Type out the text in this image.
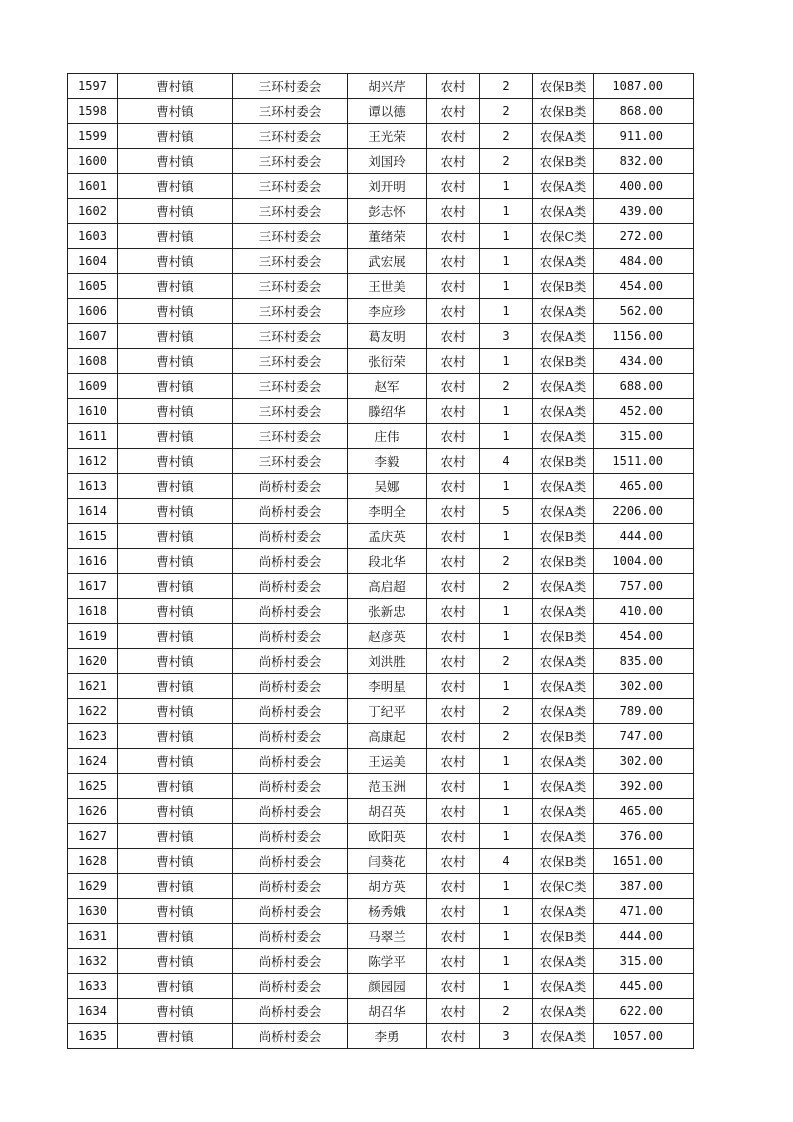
1597	曹村镇	三环村委会	胡兴芹	农村	2	农保B类	1087.00
1598	曹村镇	三环村委会	谭以德	农村	2	农保B类	868.00
1599	曹村镇	三环村委会	王光荣	农村	2	农保A类	911.00
1600	曹村镇	三环村委会	刘国玲	农村	2	农保B类	832.00
1601	曹村镇	三环村委会	刘开明	农村	1	农保A类	400.00
1602	曹村镇	三环村委会	彭志怀	农村	1	农保A类	439.00
1603	曹村镇	三环村委会	董绪荣	农村	1	农保C类	272.00
1604	曹村镇	三环村委会	武宏展	农村	1	农保A类	484.00
1605	曹村镇	三环村委会	王世美	农村	1	农保B类	454.00
1606	曹村镇	三环村委会	李应珍	农村	1	农保A类	562.00
1607	曹村镇	三环村委会	葛友明	农村	3	农保A类	1156.00
1608	曹村镇	三环村委会	张衍荣	农村	1	农保B类	434.00
1609	曹村镇	三环村委会	赵军	农村	2	农保A类	688.00
1610	曹村镇	三环村委会	滕绍华	农村	1	农保A类	452.00
1611	曹村镇	三环村委会	庄伟	农村	1	农保A类	315.00
1612	曹村镇	三环村委会	李毅	农村	4	农保B类	1511.00
1613	曹村镇	尚桥村委会	吴娜	农村	1	农保A类	465.00
1614	曹村镇	尚桥村委会	李明全	农村	5	农保A类	2206.00
1615	曹村镇	尚桥村委会	孟庆英	农村	1	农保B类	444.00
1616	曹村镇	尚桥村委会	段北华	农村	2	农保B类	1004.00
1617	曹村镇	尚桥村委会	高启超	农村	2	农保A类	757.00
1618	曹村镇	尚桥村委会	张新忠	农村	1	农保A类	410.00
1619	曹村镇	尚桥村委会	赵彦英	农村	1	农保B类	454.00
1620	曹村镇	尚桥村委会	刘洪胜	农村	2	农保A类	835.00
1621	曹村镇	尚桥村委会	李明星	农村	1	农保A类	302.00
1622	曹村镇	尚桥村委会	丁纪平	农村	2	农保A类	789.00
1623	曹村镇	尚桥村委会	高康起	农村	2	农保B类	747.00
1624	曹村镇	尚桥村委会	王运美	农村	1	农保A类	302.00
1625	曹村镇	尚桥村委会	范玉洲	农村	1	农保A类	392.00
1626	曹村镇	尚桥村委会	胡召英	农村	1	农保A类	465.00
1627	曹村镇	尚桥村委会	欧阳英	农村	1	农保A类	376.00
1628	曹村镇	尚桥村委会	闫葵花	农村	4	农保B类	1651.00
1629	曹村镇	尚桥村委会	胡方英	农村	1	农保C类	387.00
1630	曹村镇	尚桥村委会	杨秀娥	农村	1	农保A类	471.00
1631	曹村镇	尚桥村委会	马翠兰	农村	1	农保B类	444.00
1632	曹村镇	尚桥村委会	陈学平	农村	1	农保A类	315.00
1633	曹村镇	尚桥村委会	颜园园	农村	1	农保A类	445.00
1634	曹村镇	尚桥村委会	胡召华	农村	2	农保A类	622.00
1635	曹村镇	尚桥村委会	李勇	农村	3	农保A类	1057.00
